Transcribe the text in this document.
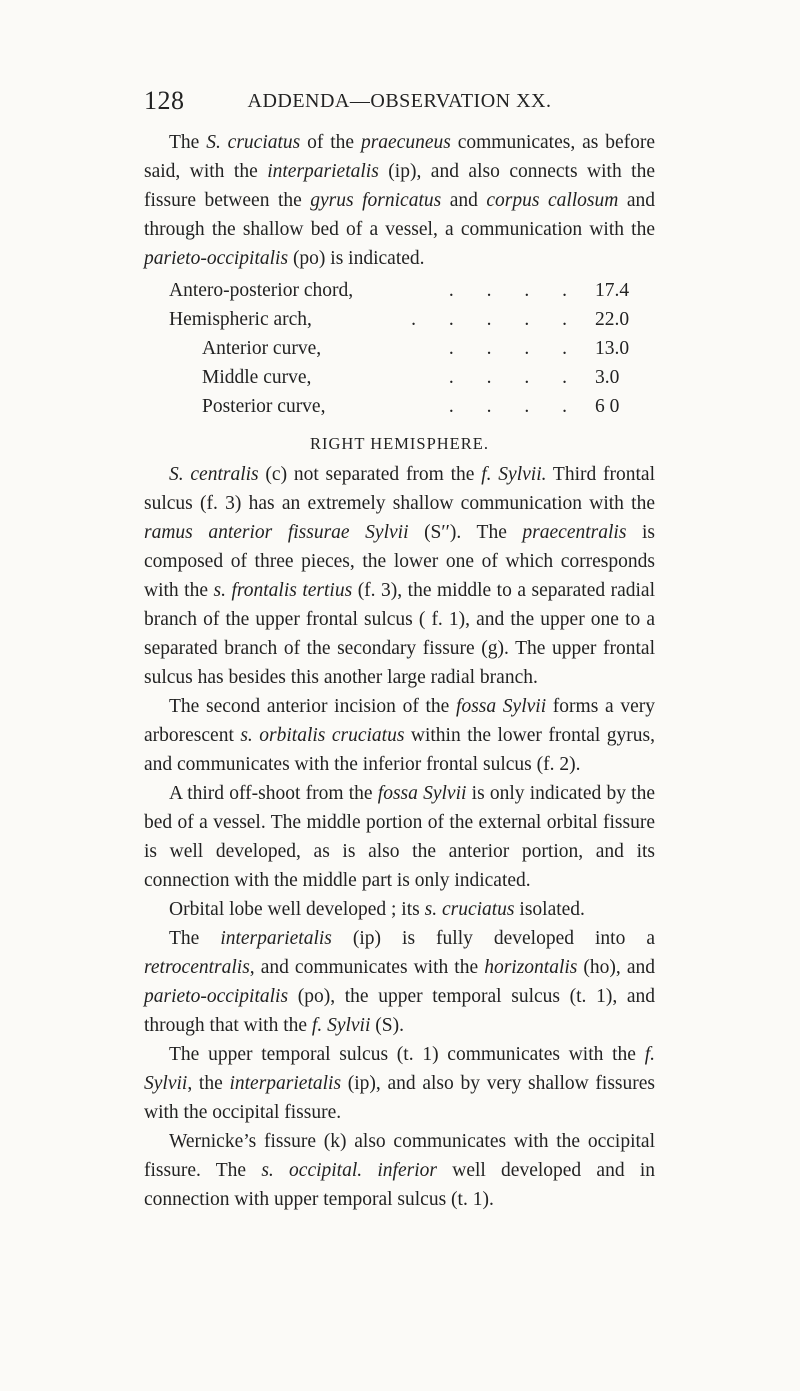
128	ADDENDA—OBSERVATION XX.

The S. cruciatus of the praecuneus communicates, as before said, with the interparietalis (ip), and also connects with the fissure between the gyrus fornicatus and corpus callosum and through the shallow bed of a vessel, a communication with the parieto-occipitalis (po) is indicated.

Antero-posterior chord,	. . . . 17.4
Hemispheric arch,	. . . . . 22.0
Anterior curve,	. . . . 13.0
Middle curve,	. . . . 3.0
Posterior curve,	. . . . 6 0
RIGHT HEMISPHERE.

S. centralis (c) not separated from the f. Sylvii. Third frontal sulcus (f. 3) has an extremely shallow communication with the ramus anterior fissurae Sylvii (S′′). The praecentralis is composed of three pieces, the lower one of which corresponds with the s. frontalis tertius (f. 3), the middle to a separated radial branch of the upper frontal sulcus ( f. 1), and the upper one to a separated branch of the secondary fissure (g). The upper frontal sulcus has besides this another large radial branch.

The second anterior incision of the fossa Sylvii forms a very arborescent s. orbitalis cruciatus within the lower frontal gyrus, and communicates with the inferior frontal sulcus (f. 2).

A third off-shoot from the fossa Sylvii is only indicated by the bed of a vessel. The middle portion of the external orbital fissure is well developed, as is also the anterior portion, and its connection with the middle part is only indicated.

Orbital lobe well developed ; its s. cruciatus isolated.

The interparietalis (ip) is fully developed into a retrocentralis, and communicates with the horizontalis (ho), and parieto-occipitalis (po), the upper temporal sulcus (t. 1), and through that with the f. Sylvii (S).

The upper temporal sulcus (t. 1) communicates with the f. Sylvii, the interparietalis (ip), and also by very shallow fissures with the occipital fissure.

Wernicke’s fissure (k) also communicates with the occipital fissure. The s. occipital. inferior well developed and in connection with upper temporal sulcus (t. 1).
